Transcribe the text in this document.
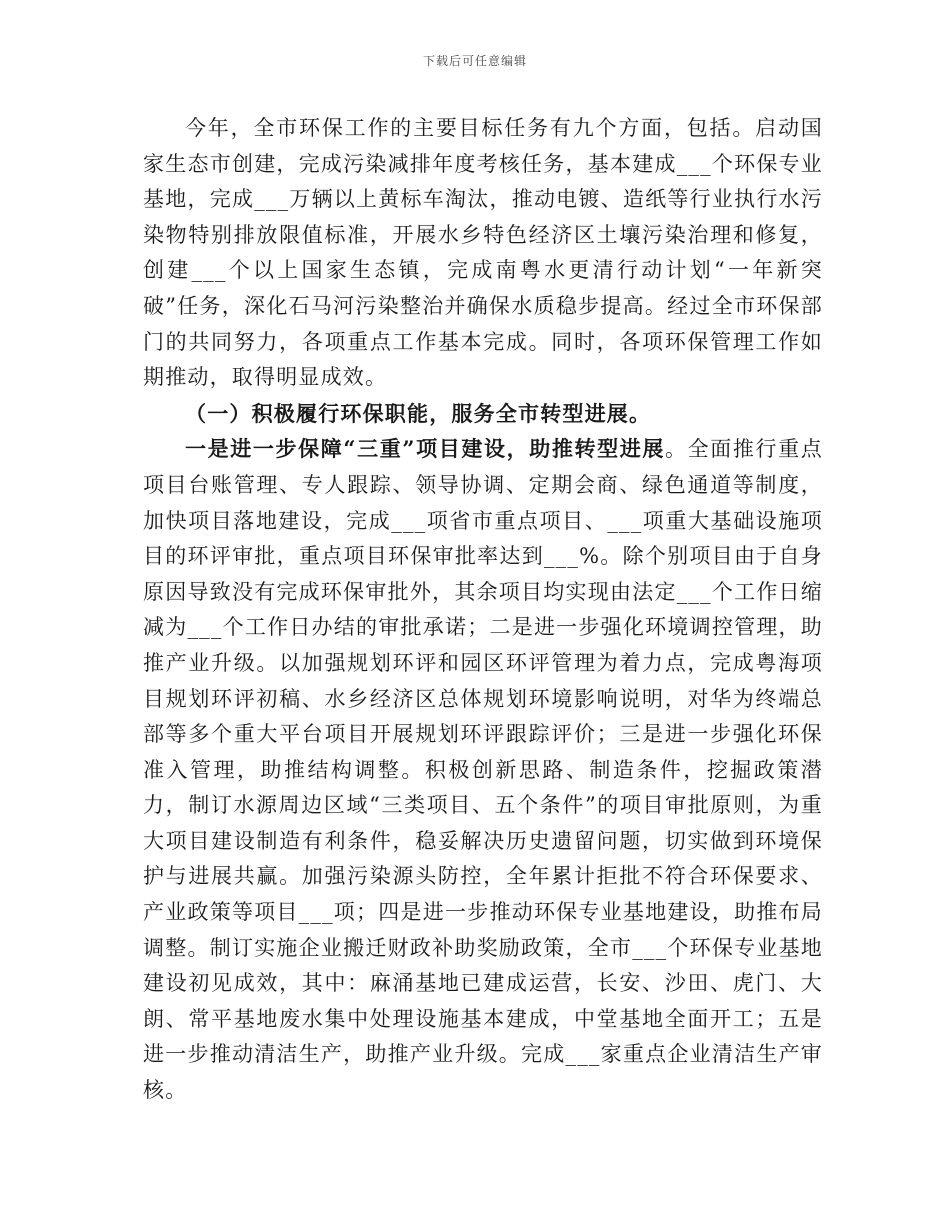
下载后可任意编辑

今年，全市环保工作的主要目标任务有九个方面，包括。启动国家生态市创建，完成污染减排年度考核任务，基本建成___个环保专业基地，完成___万辆以上黄标车淘汰，推动电镀、造纸等行业执行水污染物特别排放限值标准，开展水乡特色经济区土壤污染治理和修复，创建___个以上国家生态镇，完成南粤水更清行动计划“一年新突破”任务，深化石马河污染整治并确保水质稳步提高。经过全市环保部门的共同努力，各项重点工作基本完成。同时，各项环保管理工作如期推动，取得明显成效。

（一）积极履行环保职能，服务全市转型进展。

一是进一步保障“三重”项目建设，助推转型进展。全面推行重点项目台账管理、专人跟踪、领导协调、定期会商、绿色通道等制度，加快项目落地建设，完成___项省市重点项目、___项重大基础设施项目的环评审批，重点项目环保审批率达到___%。除个别项目由于自身原因导致没有完成环保审批外，其余项目均实现由法定___个工作日缩减为___个工作日办结的审批承诺；二是进一步强化环境调控管理，助推产业升级。以加强规划环评和园区环评管理为着力点，完成粤海项目规划环评初稿、水乡经济区总体规划环境影响说明，对华为终端总部等多个重大平台项目开展规划环评跟踪评价；三是进一步强化环保准入管理，助推结构调整。积极创新思路、制造条件，挖掘政策潜力，制订水源周边区域“三类项目、五个条件”的项目审批原则，为重大项目建设制造有利条件，稳妥解决历史遗留问题，切实做到环境保护与进展共赢。加强污染源头防控，全年累计拒批不符合环保要求、产业政策等项目___项；四是进一步推动环保专业基地建设，助推布局调整。制订实施企业搬迁财政补助奖励政策，全市___个环保专业基地建设初见成效，其中：麻涌基地已建成运营，长安、沙田、虎门、大朗、常平基地废水集中处理设施基本建成，中堂基地全面开工；五是进一步推动清洁生产，助推产业升级。完成___家重点企业清洁生产审核。
